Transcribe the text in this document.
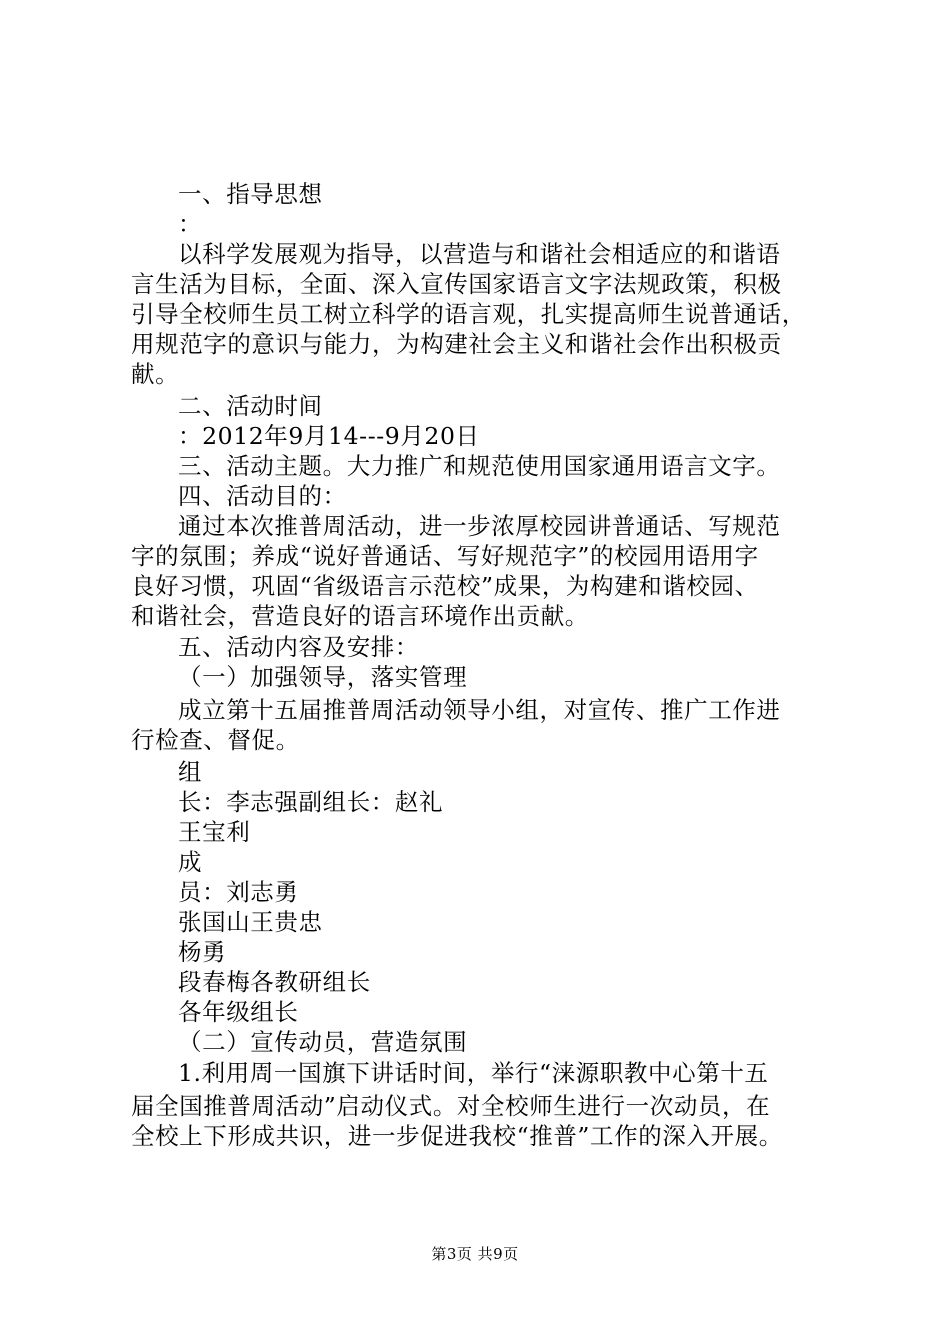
一、指导思想
：
以科学发展观为指导，以营造与和谐社会相适应的和谐语
言生活为目标，全面、深入宣传国家语言文字法规政策，积极
引导全校师生员工树立科学的语言观，扎实提高师生说普通话，
用规范字的意识与能力，为构建社会主义和谐社会作出积极贡
献。
二、活动时间
：2012年9月14---9月20日
三、活动主题。大力推广和规范使用国家通用语言文字。
四、活动目的：
通过本次推普周活动，进一步浓厚校园讲普通话、写规范
字的氛围；养成“说好普通话、写好规范字”的校园用语用字
良好习惯，巩固“省级语言示范校”成果，为构建和谐校园、
和谐社会，营造良好的语言环境作出贡献。
五、活动内容及安排：
（一）加强领导，落实管理
成立第十五届推普周活动领导小组，对宣传、推广工作进
行检查、督促。
组
长：李志强副组长：赵礼
王宝利
成
员：刘志勇
张国山王贵忠
杨勇
段春梅各教研组长
各年级组长
（二）宣传动员，营造氛围
1.利用周一国旗下讲话时间，举行“涞源职教中心第十五
届全国推普周活动”启动仪式。对全校师生进行一次动员，在
全校上下形成共识，进一步促进我校“推普”工作的深入开展。
第3页 共9页
